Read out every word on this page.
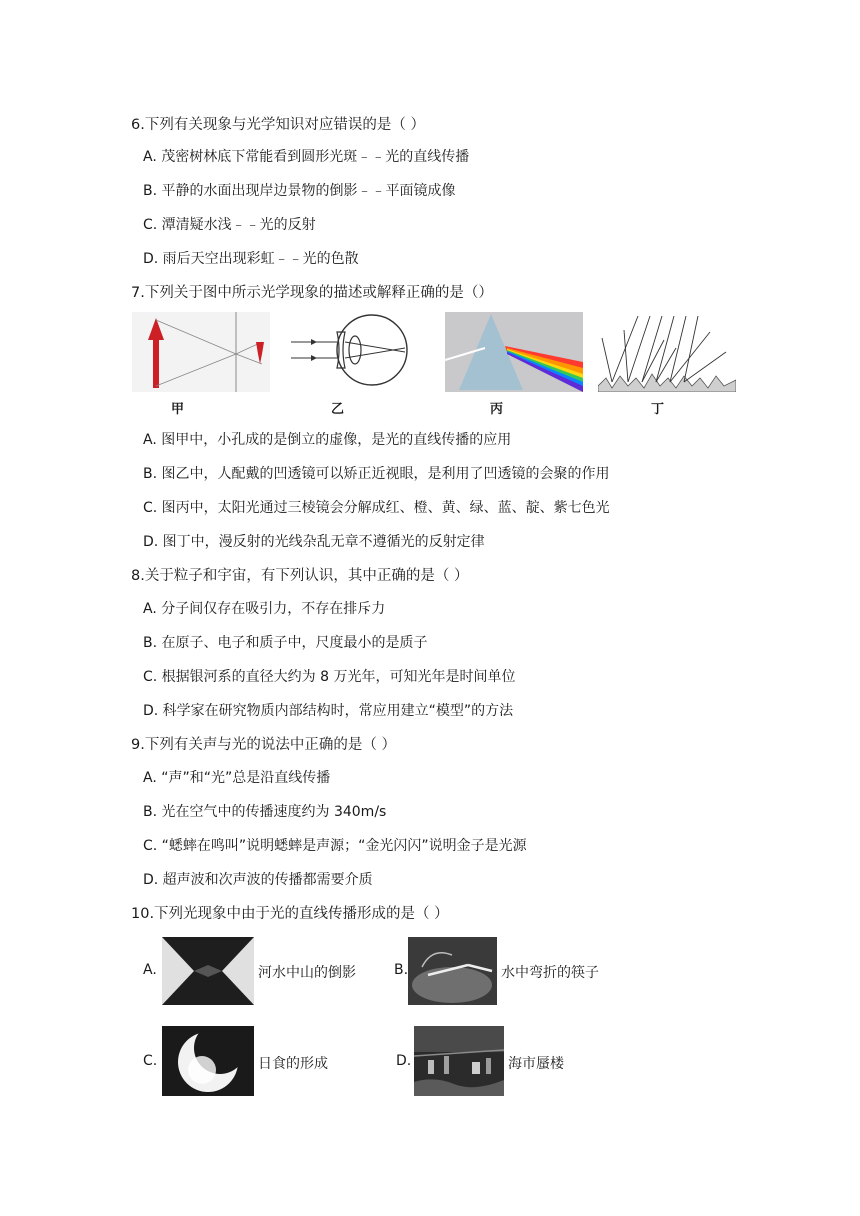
6.下列有关现象与光学知识对应错误的是（ ）
A. 茂密树林底下常能看到圆形光斑﹣﹣光的直线传播
B. 平静的水面出现岸边景物的倒影﹣﹣平面镜成像
C. 潭清疑水浅﹣﹣光的反射
D. 雨后天空出现彩虹﹣﹣光的色散
7.下列关于图中所示光学现象的描述或解释正确的是（）
甲	乙	丙	丁
A. 图甲中，小孔成的是倒立的虚像，是光的直线传播的应用
B. 图乙中，人配戴的凹透镜可以矫正近视眼，是利用了凹透镜的会聚的作用
C. 图丙中，太阳光通过三棱镜会分解成红、橙、黄、绿、蓝、靛、紫七色光
D. 图丁中，漫反射的光线杂乱无章不遵循光的反射定律
8.关于粒子和宇宙，有下列认识，其中正确的是（ ）
A. 分子间仅存在吸引力，不存在排斥力
B. 在原子、电子和质子中，尺度最小的是质子
C. 根据银河系的直径大约为 8 万光年，可知光年是时间单位
D. 科学家在研究物质内部结构时，常应用建立“模型”的方法
9.下列有关声与光的说法中正确的是（ ）
A. “声”和“光”总是沿直线传播
B. 光在空气中的传播速度约为 340m/s
C. “蟋蟀在鸣叫”说明蟋蟀是声源；“金光闪闪”说明金子是光源
D. 超声波和次声波的传播都需要介质
10.下列光现象中由于光的直线传播形成的是（ ）
A.	河水中山的倒影	B.	水中弯折的筷子
C.	日食的形成	D.	海市蜃楼
